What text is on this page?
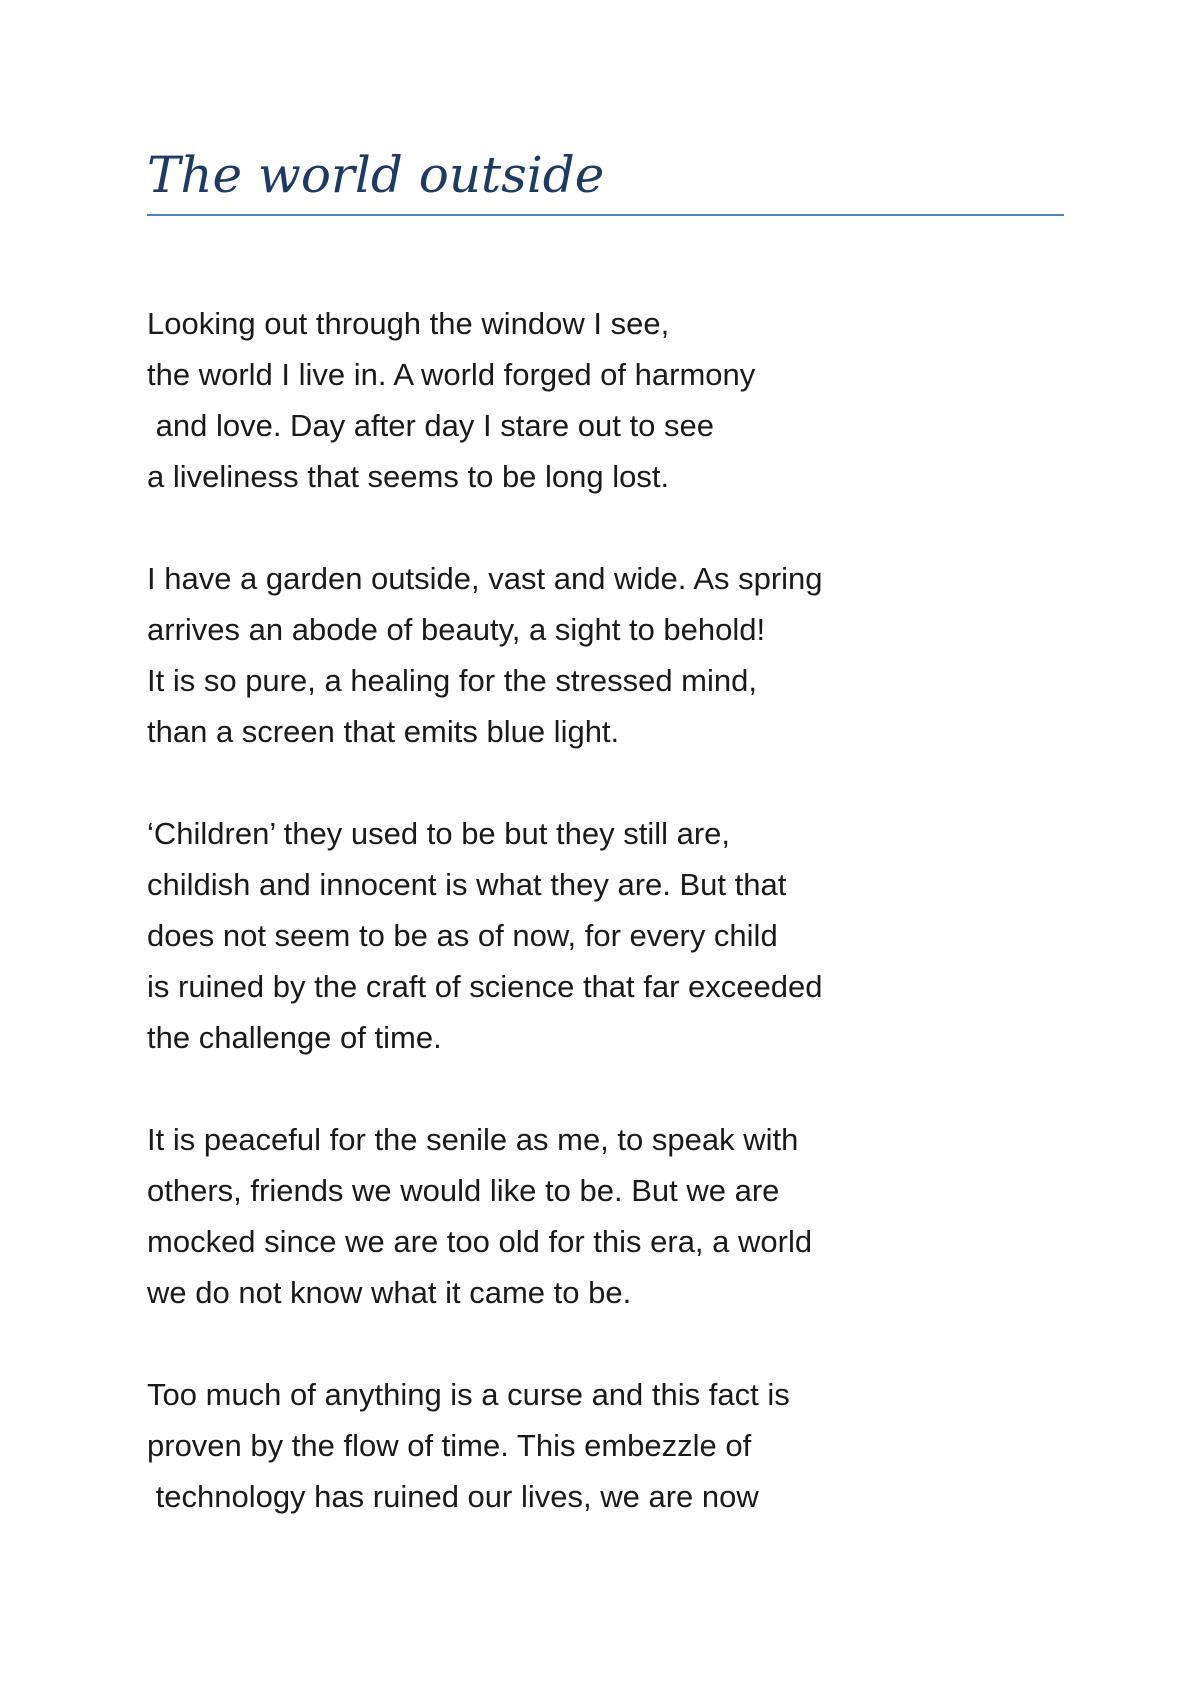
The world outside
Looking out through the window I see,
the world I live in. A world forged of harmony
and love. Day after day I stare out to see
a liveliness that seems to be long lost.
I have a garden outside, vast and wide. As spring
arrives an abode of beauty, a sight to behold!
It is so pure, a healing for the stressed mind,
than a screen that emits blue light.
‘Children’ they used to be but they still are,
childish and innocent is what they are. But that
does not seem to be as of now, for every child
is ruined by the craft of science that far exceeded
the challenge of time.
It is peaceful for the senile as me, to speak with
others, friends we would like to be. But we are
mocked since we are too old for this era, a world
we do not know what it came to be.
Too much of anything is a curse and this fact is
proven by the flow of time. This embezzle of
technology has ruined our lives, we are now
